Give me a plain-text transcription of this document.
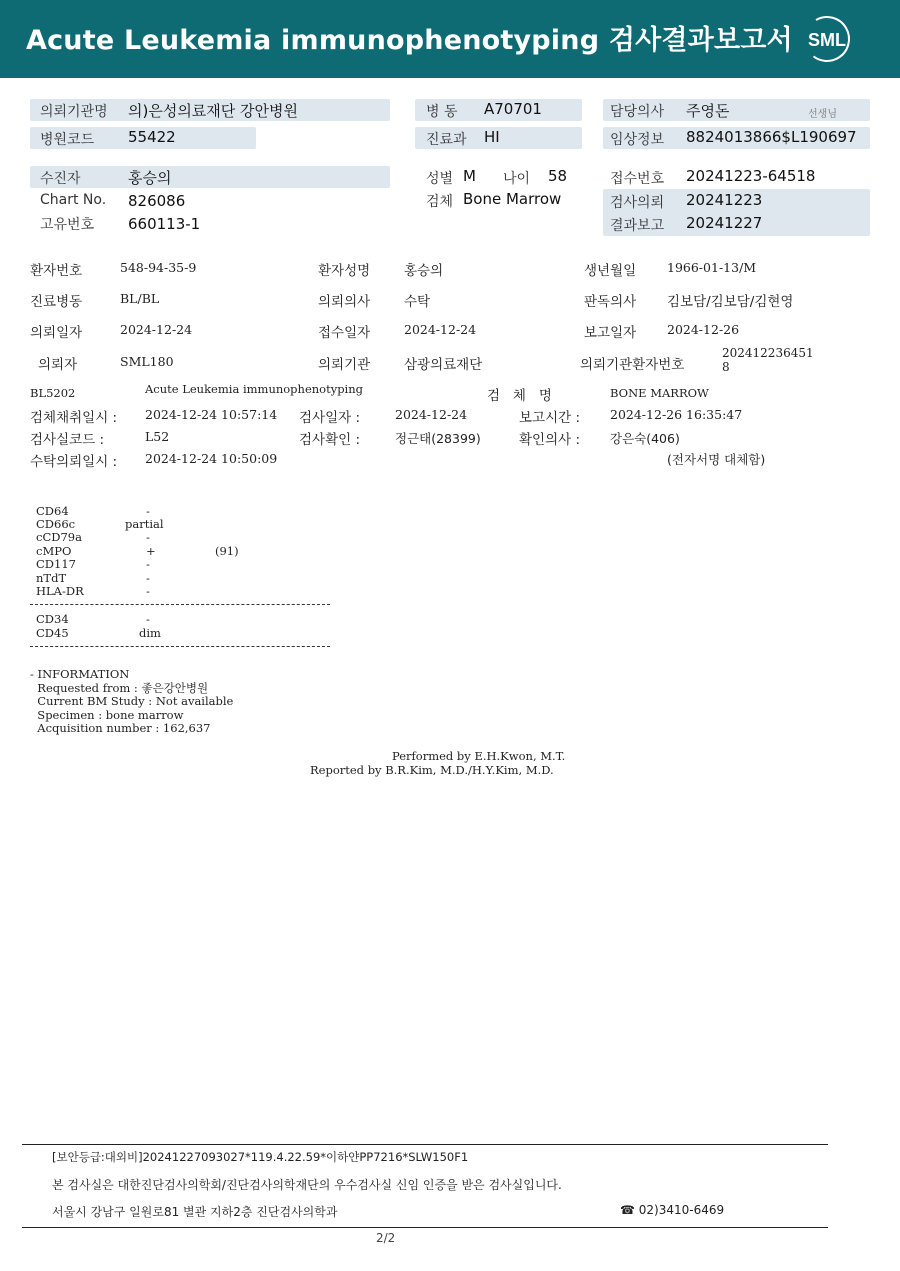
Acute Leukemia immunophenotyping 검사결과보고서 SML
의뢰기관명 의)은성의료재단 강안병원
병원코드 55422
병 동 A70701
진료과 HI
담당의사 주영돈	선생님
임상정보 8824013866$L190697
수진자	홍승의
Chart No. 826086
고유번호 660113-1
성별 M 나이 58
검체 Bone Marrow
접수번호 20241223-64518
검사의뢰 20241223
결과보고 20241227
환자번호	548-94-35-9	환자성명	홍승의	생년월일 1966-01-13/M
진료병동	BL/BL	의뢰의사	수탁	판독의사 김보담/김보담/김현영
의뢰일자	2024-12-24	접수일자	2024-12-24	보고일자 2024-12-26
의뢰자	SML180	의뢰기관	삼광의료재단	의뢰기관환자번호
202412236451
8
BL5202	Acute Leukemia immunophenotyping	검   체   명	BONE MARROW
검체채취일시 : 2024-12-24 10:57:14 검사일자 :	2024-12-24	보고시간 : 2024-12-26 16:35:47
검사실코드 :	L52	검사확인 :	정근태(28399)	확인의사 : 강은숙(406)
수탁의뢰일시 : 2024-12-24 10:50:09	(전자서명 대체함)
CD64	-
CD66c	partial
cCD79a	-
cMPO	+	(91)
CD117	-
nTdT	-
HLA-DR	-
CD34	-
CD45	dim
- INFORMATION
Requested from : 좋은강안병원
Current BM Study : Not available
Specimen : bone marrow
Acquisition number : 162,637
Performed by E.H.Kwon, M.T.
Reported by B.R.Kim, M.D./H.Y.Kim, M.D.
[보안등급:대외비]20241227093027*119.4.22.59*이하얀PP7216*SLW150F1
본 검사실은 대한진단검사의학회/진단검사의학재단의 우수검사실 신임 인증을 받은 검사실입니다.
서울시 강남구 일원로81 별관 지하2층 진단검사의학과	☎ 02)3410-6469
2/2
